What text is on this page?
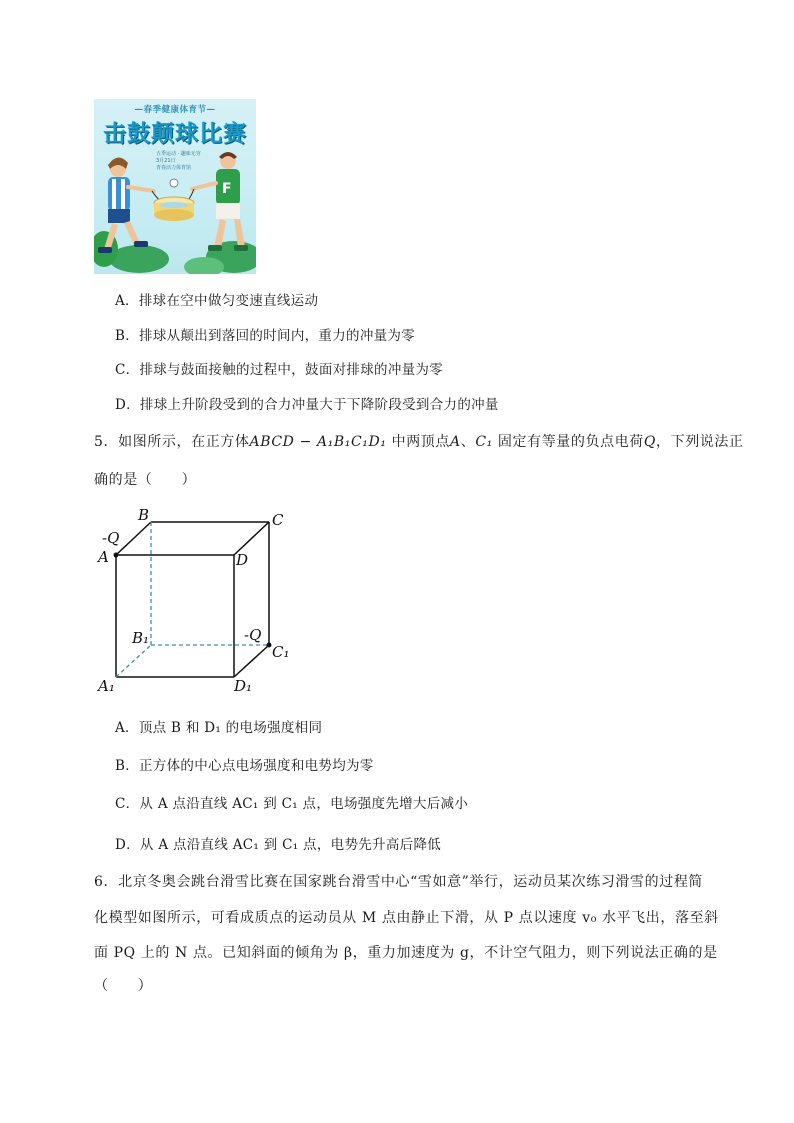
—春季健康体育节—
击鼓颠球比赛
五季运动 · 趣味无穷
3月21日
青春活力体育馆
F
A．排球在空中做匀变速直线运动
B．排球从颠出到落回的时间内，重力的冲量为零
C．排球与鼓面接触的过程中，鼓面对排球的冲量为零
D．排球上升阶段受到的合力冲量大于下降阶段受到合力的冲量
5．如图所示，在正方体ABCD − A₁B₁C₁D₁ 中两顶点A、C₁ 固定有等量的负点电荷Q，下列说法正
确的是（　　）
B	C
A	D
B₁
C₁
A₁	D₁
-Q
-Q
A．顶点 B 和 D₁ 的电场强度相同
B．正方体的中心点电场强度和电势均为零
C．从 A 点沿直线 AC₁ 到 C₁ 点，电场强度先增大后减小
D．从 A 点沿直线 AC₁ 到 C₁ 点，电势先升高后降低
6．北京冬奥会跳台滑雪比赛在国家跳台滑雪中心“雪如意”举行，运动员某次练习滑雪的过程简
化模型如图所示，可看成质点的运动员从 M 点由静止下滑，从 P 点以速度 v₀ 水平飞出，落至斜
面 PQ 上的 N 点。已知斜面的倾角为 β，重力加速度为 g，不计空气阻力，则下列说法正确的是
（　　）
